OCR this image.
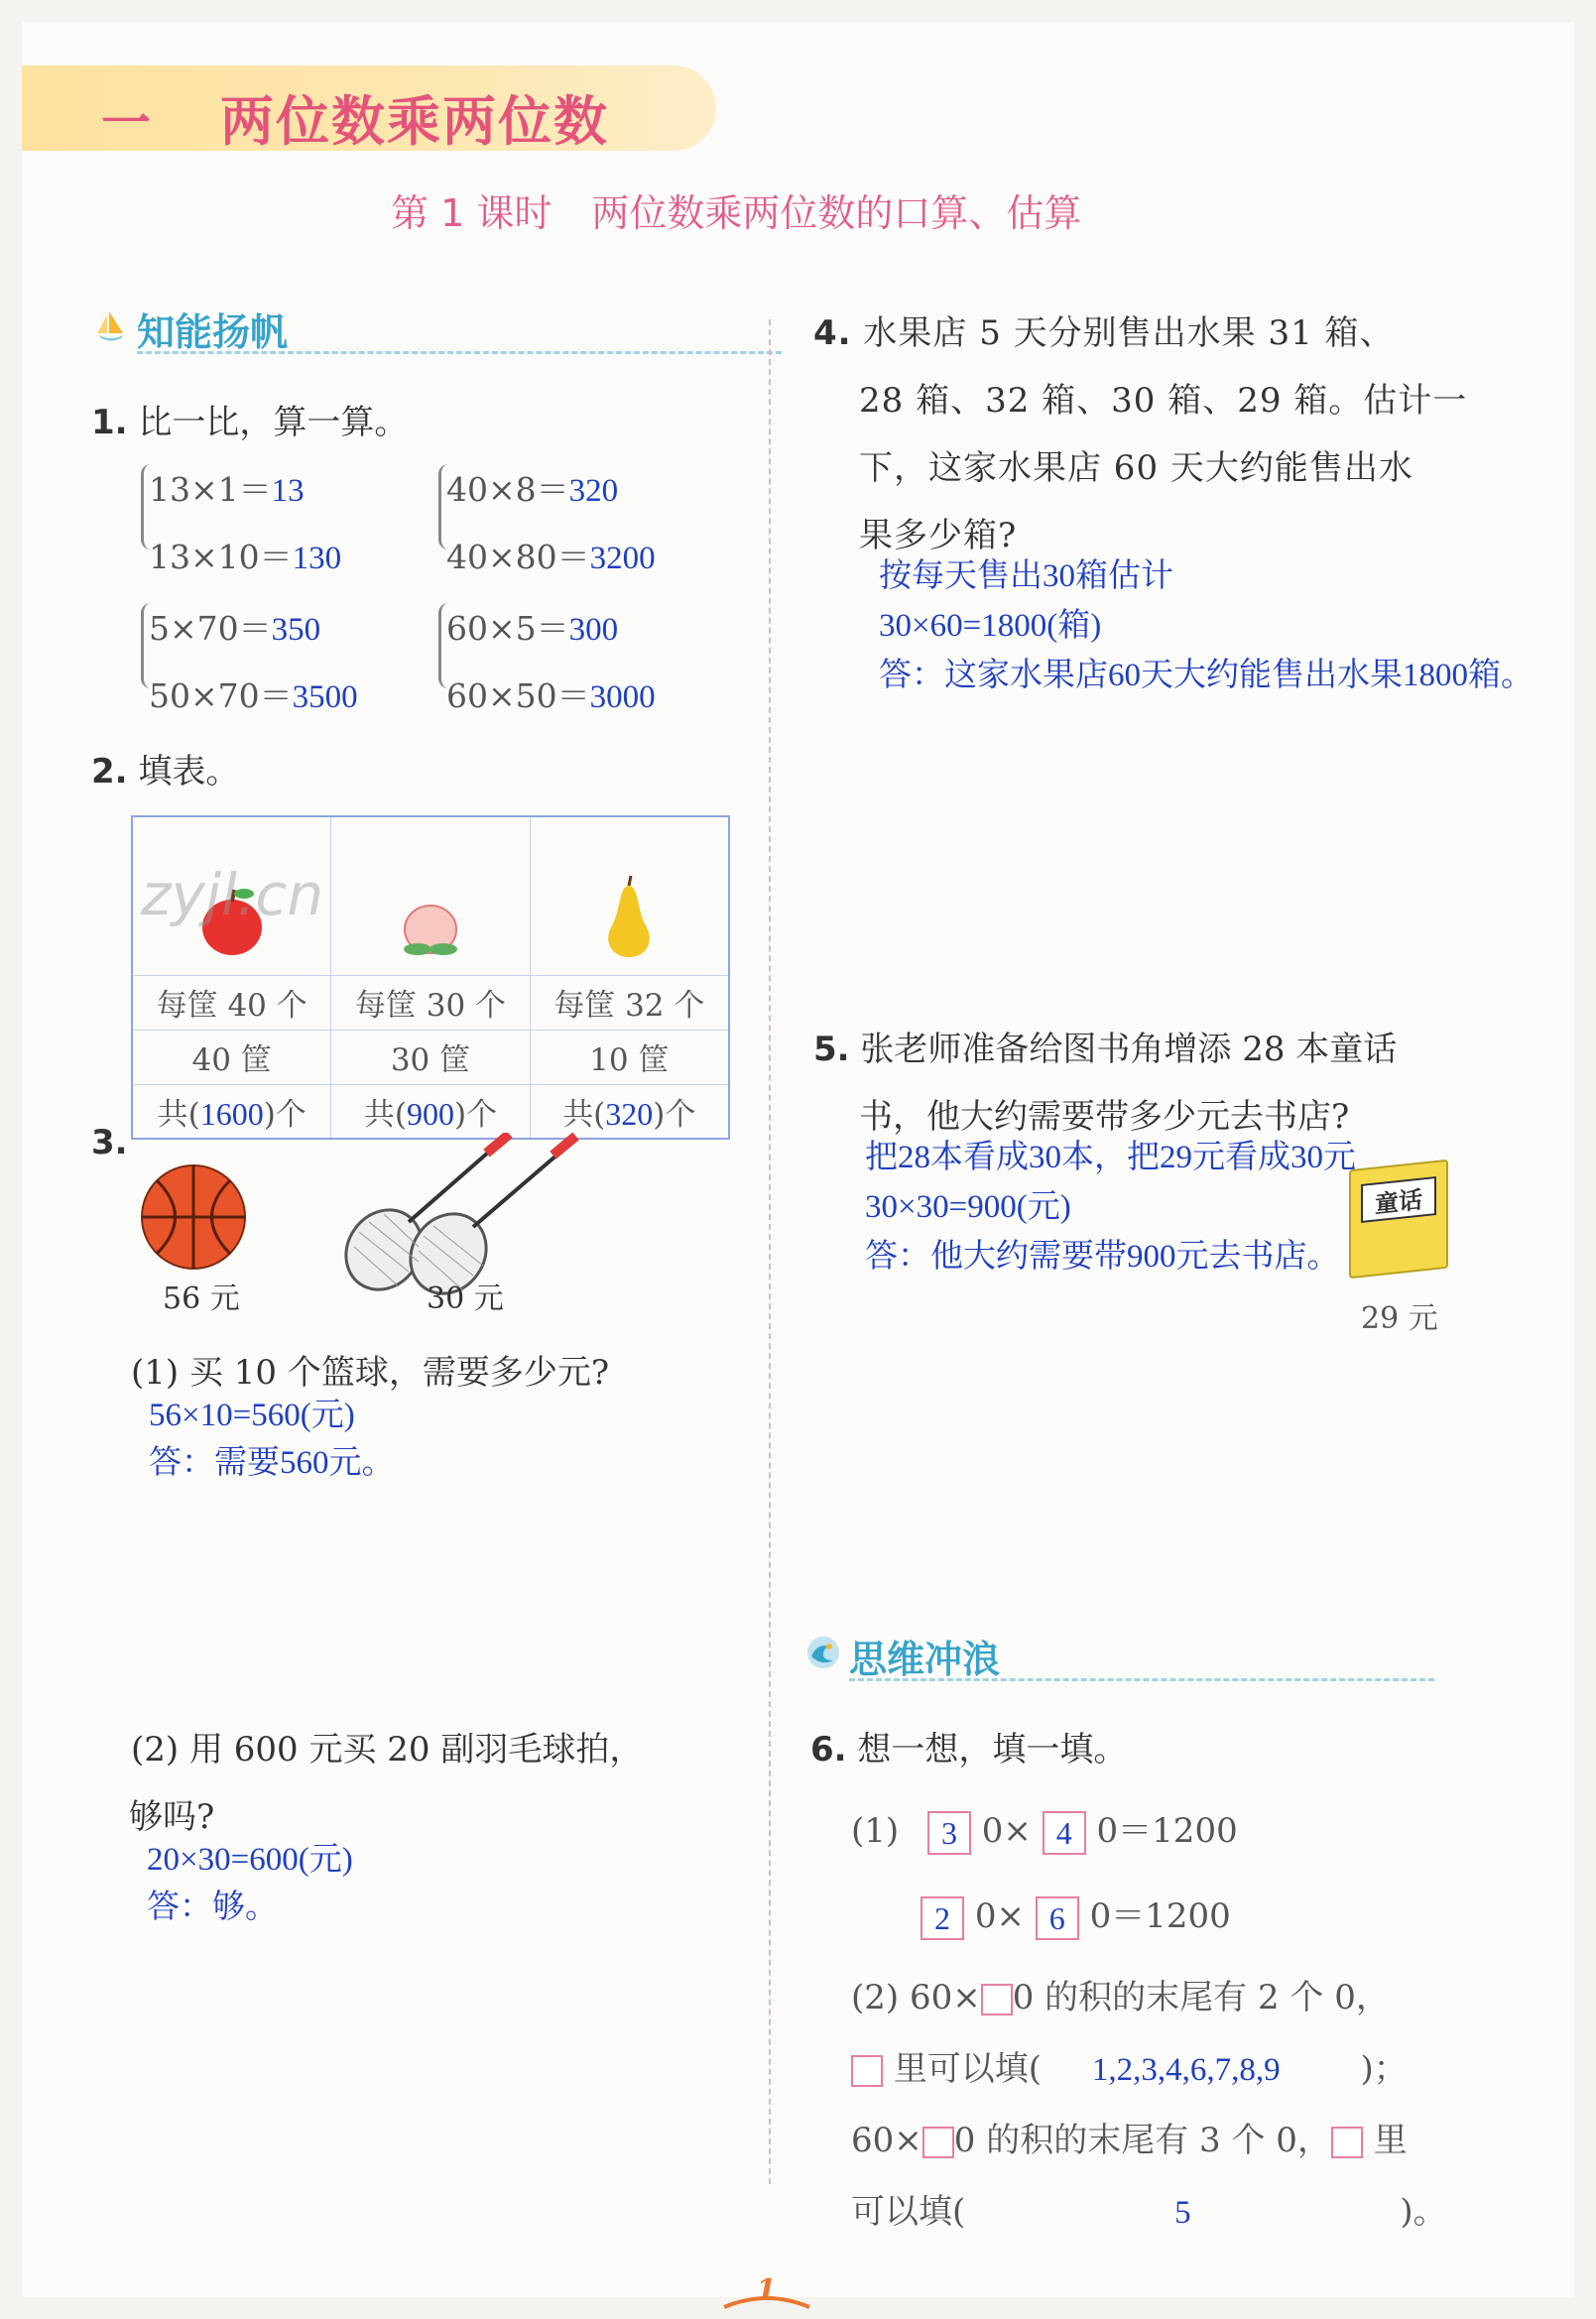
一 两位数乘两位数
第 1 课时 两位数乘两位数的口算、估算
知能扬帆
1. 比一比，算一算。
13×1＝13
13×10＝130
40×8＝320
40×80＝3200
5×70＝350
50×70＝3500
60×5＝300
60×50＝3000
2. 填表。

每筐 40 个	每筐 30 个	每筐 32 个
40 筐	30 筐	10 筐
共(1600)个	共(900)个	共(320)个
zyjl.cn
3.
56 元	30 元
(1) 买 10 个篮球，需要多少元?
56×10=560(元)
答：需要560元。
(2) 用 600 元买 20 副羽毛球拍，
够吗?
20×30=600(元)
答：够。
4. 水果店 5 天分别售出水果 31 箱、
28 箱、32 箱、30 箱、29 箱。估计一
下，这家水果店 60 天大约能售出水
果多少箱?
按每天售出30箱估计
30×60=1800(箱)
答：这家水果店60天大约能售出水果1800箱。
5. 张老师准备给图书角增添 28 本童话
书，他大约需要带多少元去书店?
把28本看成30本，把29元看成30元
30×30=900(元)
答：他大约需要带900元去书店。
童话
29 元
思维冲浪
6. 想一想，填一填。
(1) 3 0× 4 0＝1200
2 0× 6 0＝1200
(2) 60× 0 的积的末尾有 2 个 0，
里可以填( 1,2,3,4,6,7,8,9 )；
60× 0 的积的末尾有 3 个 0， 里
可以填(	5	)。
1
